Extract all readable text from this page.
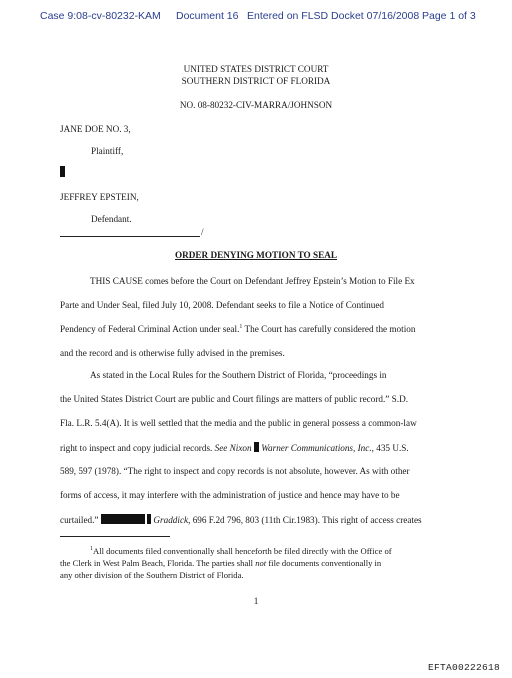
Case 9:08-cv-80232-KAM Document 16 Entered on FLSD Docket 07/16/2008 Page 1 of 3
UNITED STATES DISTRICT COURT
SOUTHERN DISTRICT OF FLORIDA
NO. 08-80232-CIV-MARRA/JOHNSON
JANE DOE NO. 3,
Plaintiff,
JEFFREY EPSTEIN,
Defendant.
/
ORDER DENYING MOTION TO SEAL
THIS CAUSE comes before the Court on Defendant Jeffrey Epstein’s Motion to File Ex
Parte and Under Seal, filed July 10, 2008. Defendant seeks to file a Notice of Continued
Pendency of Federal Criminal Action under seal.$^1$ The Court has carefully considered the motion
and the record and is otherwise fully advised in the premises.
As stated in the Local Rules for the Southern District of Florida, “proceedings in
the United States District Court are public and Court filings are matters of public record.” S.D.
Fla. L.R. 5.4(A). It is well settled that the media and the public in general possess a common-law
right to inspect and copy judicial records. See Nixon Warner Communications, Inc., 435 U.S.
589, 597 (1978). “The right to inspect and copy records is not absolute, however. As with other
forms of access, it may interfere with the administration of justice and hence may have to be
curtailed.”	Graddick, 696 F.2d 796, 803 (11th Cir.1983). This right of access creates
$^1$All documents filed conventionally shall henceforth be filed directly with the Office of
the Clerk in West Palm Beach, Florida. The parties shall not file documents conventionally in
any other division of the Southern District of Florida.
1
EFTA00222618
